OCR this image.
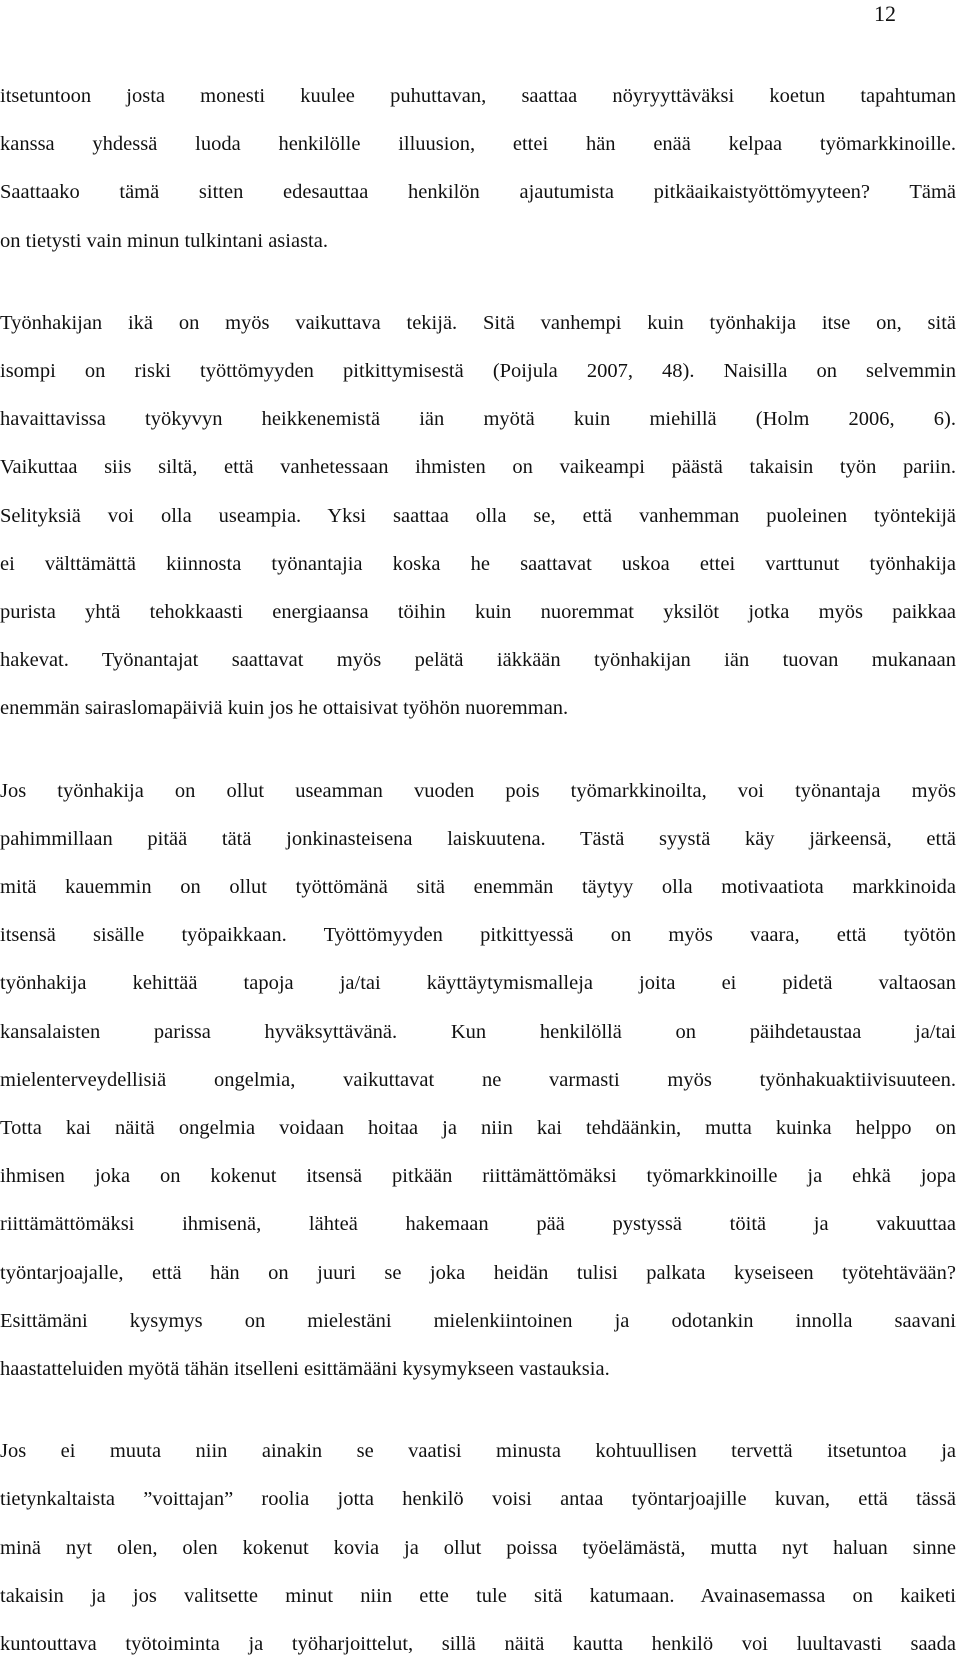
12

itsetuntoon josta monesti kuulee puhuttavan, saattaa nöyryyttäväksi koetun tapahtuman
kanssa yhdessä luoda henkilölle illuusion, ettei hän enää kelpaa työmarkkinoille.
Saattaako tämä sitten edesauttaa henkilön ajautumista pitkäaikaistyöttömyyteen? Tämä
on tietysti vain minun tulkintani asiasta.

Työnhakijan ikä on myös vaikuttava tekijä. Sitä vanhempi kuin työnhakija itse on, sitä
isompi on riski työttömyyden pitkittymisestä (Poijula 2007, 48). Naisilla on selvemmin
havaittavissa työkyvyn heikkenemistä iän myötä kuin miehillä (Holm 2006, 6).
Vaikuttaa siis siltä, että vanhetessaan ihmisten on vaikeampi päästä takaisin työn pariin.
Selityksiä voi olla useampia. Yksi saattaa olla se, että vanhemman puoleinen työntekijä
ei välttämättä kiinnosta työnantajia koska he saattavat uskoa ettei varttunut työnhakija
purista yhtä tehokkaasti energiaansa töihin kuin nuoremmat yksilöt jotka myös paikkaa
hakevat. Työnantajat saattavat myös pelätä iäkkään työnhakijan iän tuovan mukanaan
enemmän sairaslomapäiviä kuin jos he ottaisivat työhön nuoremman.

Jos työnhakija on ollut useamman vuoden pois työmarkkinoilta, voi työnantaja myös
pahimmillaan pitää tätä jonkinasteisena laiskuutena. Tästä syystä käy järkeensä, että
mitä kauemmin on ollut työttömänä sitä enemmän täytyy olla motivaatiota markkinoida
itsensä sisälle työpaikkaan. Työttömyyden pitkittyessä on myös vaara, että työtön
työnhakija kehittää tapoja ja/tai käyttäytymismalleja joita ei pidetä valtaosan
kansalaisten parissa hyväksyttävänä. Kun henkilöllä on päihdetaustaa ja/tai
mielenterveydellisiä ongelmia, vaikuttavat ne varmasti myös työnhakuaktiivisuuteen.
Totta kai näitä ongelmia voidaan hoitaa ja niin kai tehdäänkin, mutta kuinka helppo on
ihmisen joka on kokenut itsensä pitkään riittämättömäksi työmarkkinoille ja ehkä jopa
riittämättömäksi ihmisenä, lähteä hakemaan pää pystyssä töitä ja vakuuttaa
työntarjoajalle, että hän on juuri se joka heidän tulisi palkata kyseiseen työtehtävään?
Esittämäni kysymys on mielestäni mielenkiintoinen ja odotankin innolla saavani
haastatteluiden myötä tähän itselleni esittämääni kysymykseen vastauksia.

Jos ei muuta niin ainakin se vaatisi minusta kohtuullisen tervettä itsetuntoa ja
tietynkaltaista ”voittajan” roolia jotta henkilö voisi antaa työntarjoajille kuvan, että tässä
minä nyt olen, olen kokenut kovia ja ollut poissa työelämästä, mutta nyt haluan sinne
takaisin ja jos valitsette minut niin ette tule sitä katumaan. Avainasemassa on kaiketi
kuntouttava työtoiminta ja työharjoittelut, sillä näitä kautta henkilö voi luultavasti saada
